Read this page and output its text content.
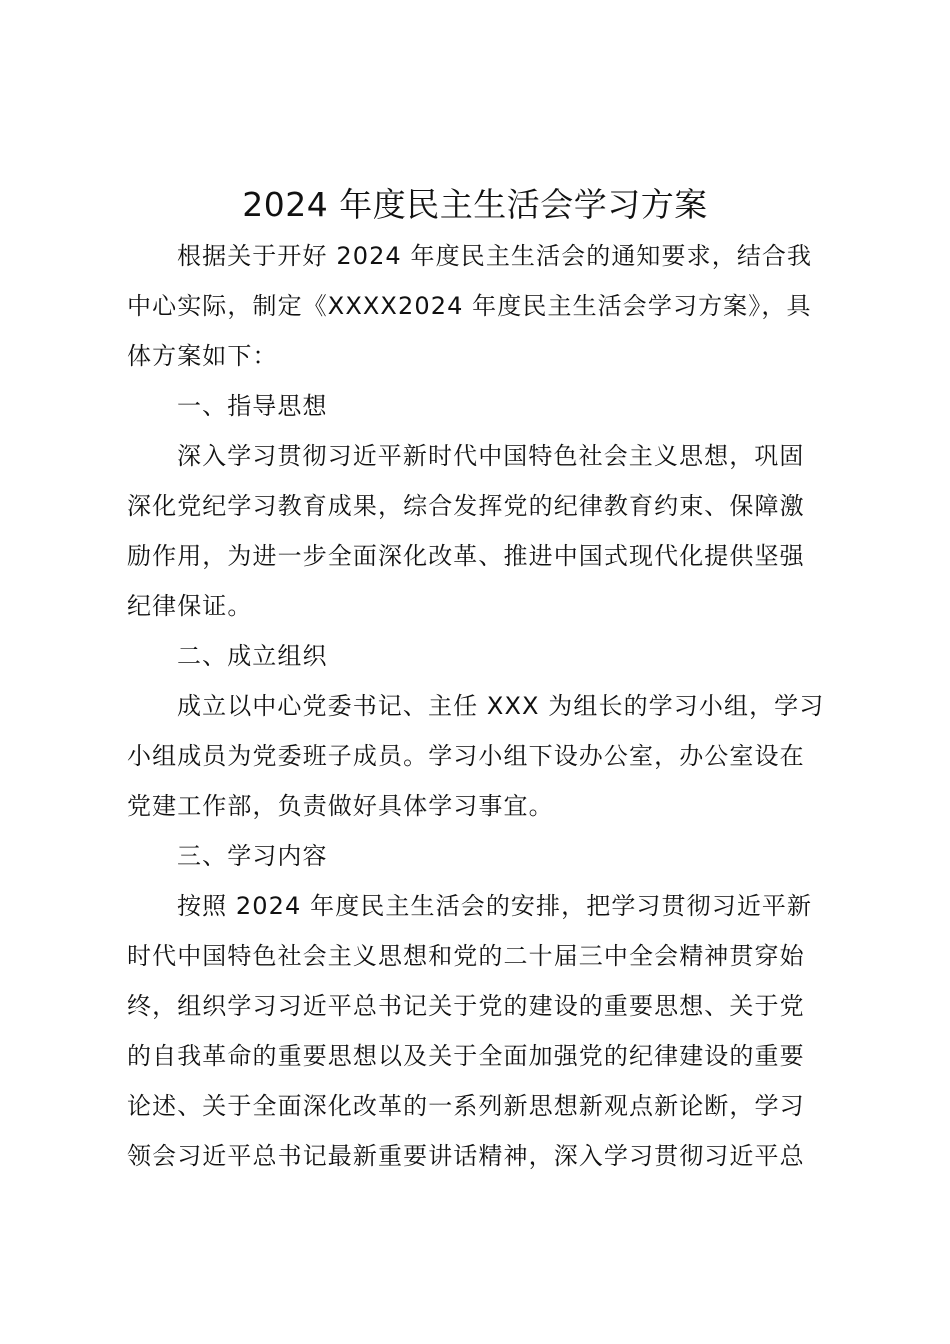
2024 年度民主生活会学习方案

根据关于开好 2024 年度民主生活会的通知要求，结合我
中心实际，制定《XXXX2024 年度民主生活会学习方案》，具
体方案如下：

一、指导思想

深入学习贯彻习近平新时代中国特色社会主义思想，巩固
深化党纪学习教育成果，综合发挥党的纪律教育约束、保障激
励作用，为进一步全面深化改革、推进中国式现代化提供坚强
纪律保证。

二、成立组织

成立以中心党委书记、主任 XXX 为组长的学习小组，学习
小组成员为党委班子成员。学习小组下设办公室，办公室设在
党建工作部，负责做好具体学习事宜。

三、学习内容

按照 2024 年度民主生活会的安排，把学习贯彻习近平新
时代中国特色社会主义思想和党的二十届三中全会精神贯穿始
终，组织学习习近平总书记关于党的建设的重要思想、关于党
的自我革命的重要思想以及关于全面加强党的纪律建设的重要
论述、关于全面深化改革的一系列新思想新观点新论断，学习
领会习近平总书记最新重要讲话精神，深入学习贯彻习近平总
